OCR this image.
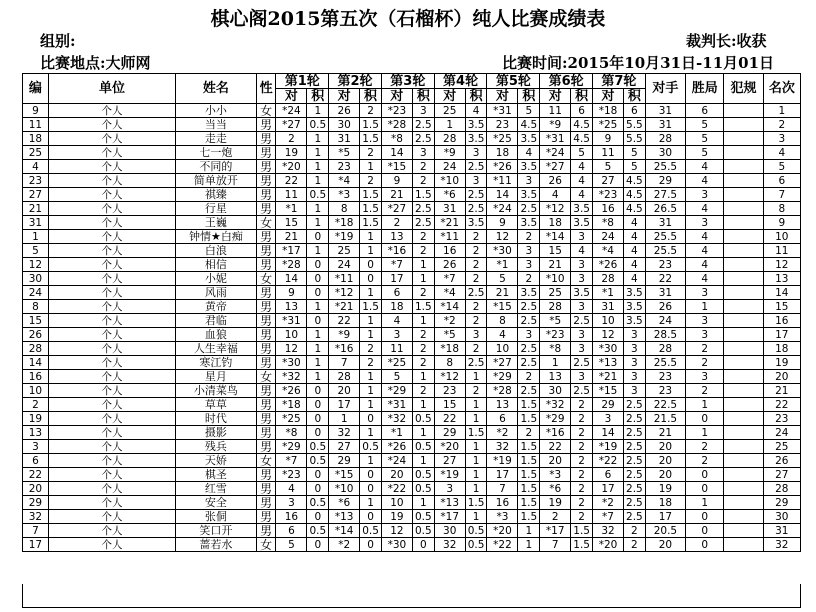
棋心阁2015第五次（石榴杯）纯人比赛成绩表
组别:	裁判长:收获
比赛地点:大师网	比赛时间:2015年10月31日-11月01日
编	单位	姓名	性	第1轮		第2轮		第3轮		第4轮		第5轮		第6轮		第7轮		对手	胜局	犯规	名次
				对	积	对	积	对	积	对	积	对	积	对	积	对	积				
9	个人	小小	女	*24	1	26	2	*23	3	25	4	*31	5	11	6	*18	6	31	6		1
11	个人	当当	男	*27	0.5	30	1.5	*28	2.5	1	3.5	23	4.5	*9	4.5	*25	5.5	31	5		2
18	个人	走走	男	2	1	31	1.5	*8	2.5	28	3.5	*25	3.5	*31	4.5	9	5.5	28	5		3
25	个人	七一炮	男	19	1	*5	2	14	3	*9	3	18	4	*24	5	11	5	30	5		4
4	个人	不同的	男	*20	1	23	1	*15	2	24	2.5	*26	3.5	*27	4	5	5	25.5	4		5
23	个人	简单放开	男	22	1	*4	2	9	2	*10	3	*11	3	26	4	27	4.5	29	4		6
27	个人	祺臻	男	11	0.5	*3	1.5	21	1.5	*6	2.5	14	3.5	4	4	*23	4.5	27.5	3		7
21	个人	行星	男	*1	1	8	1.5	*27	2.5	31	2.5	*24	2.5	*12	3.5	16	4.5	26.5	4		8
31	个人	王巍	女	15	1	*18	1.5	2	2.5	*21	3.5	9	3.5	18	3.5	*8	4	31	3		9
1	个人	钟情★白痴	男	21	0	*19	1	13	2	*11	2	12	2	*14	3	24	4	25.5	4		10
5	个人	白浪	男	*17	1	25	1	*16	2	16	2	*30	3	15	4	*4	4	25.5	4		11
12	个人	相信	男	*28	0	24	0	*7	1	26	2	*1	3	21	3	*26	4	23	4		12
30	个人	小妮	女	14	0	*11	0	17	1	*7	2	5	2	*10	3	28	4	22	4		13
24	个人	风雨	男	9	0	*12	1	6	2	*4	2.5	21	3.5	25	3.5	*1	3.5	31	3		14
8	个人	黄帝	男	13	1	*21	1.5	18	1.5	*14	2	*15	2.5	28	3	31	3.5	26	1		15
15	个人	君临	男	*31	0	22	1	4	1	*2	2	8	2.5	*5	2.5	10	3.5	24	3		16
26	个人	血狼	男	10	1	*9	1	3	2	*5	3	4	3	*23	3	12	3	28.5	3		17
28	个人	人生幸福	男	12	1	*16	2	11	2	*18	2	10	2.5	*8	3	*30	3	28	2		18
14	个人	寒江钓	男	*30	1	7	2	*25	2	8	2.5	*27	2.5	1	2.5	*13	3	25.5	2		19
16	个人	星月	女	*32	1	28	1	5	1	*12	1	*29	2	13	3	*21	3	23	3		20
10	个人	小清菜鸟	男	*26	0	20	1	*29	2	23	2	*28	2.5	30	2.5	*15	3	23	2		21
2	个人	草草	男	*18	0	17	1	*31	1	15	1	13	1.5	*32	2	29	2.5	22.5	1		22
19	个人	时代	男	*25	0	1	0	*32	0.5	22	1	6	1.5	*29	2	3	2.5	21.5	0		23
13	个人	摄影	男	*8	0	32	1	*1	1	29	1.5	*2	2	*16	2	14	2.5	21	1		24
3	个人	残兵	男	*29	0.5	27	0.5	*26	0.5	*20	1	32	1.5	22	2	*19	2.5	20	2		25
6	个人	天娇	女	*7	0.5	29	1	*24	1	27	1	*19	1.5	20	2	*22	2.5	20	2		26
22	个人	棋圣	男	*23	0	*15	0	20	0.5	*19	1	17	1.5	*3	2	6	2.5	20	0		27
20	个人	红雪	男	4	0	*10	0	*22	0.5	3	1	7	1.5	*6	2	17	2.5	19	0		28
29	个人	安全	男	3	0.5	*6	1	10	1	*13	1.5	16	1.5	19	2	*2	2.5	18	1		29
32	个人	张侗	男	16	0	*13	0	19	0.5	*17	1	*3	1.5	2	2	*7	2.5	17	0		30
7	个人	笑口开	男	6	0.5	*14	0.5	12	0.5	30	0.5	*20	1	*17	1.5	32	2	20.5	0		31
17	个人	蔷若水	女	5	0	*2	0	*30	0	32	0.5	*22	1	7	1.5	*20	2	20	0		32
